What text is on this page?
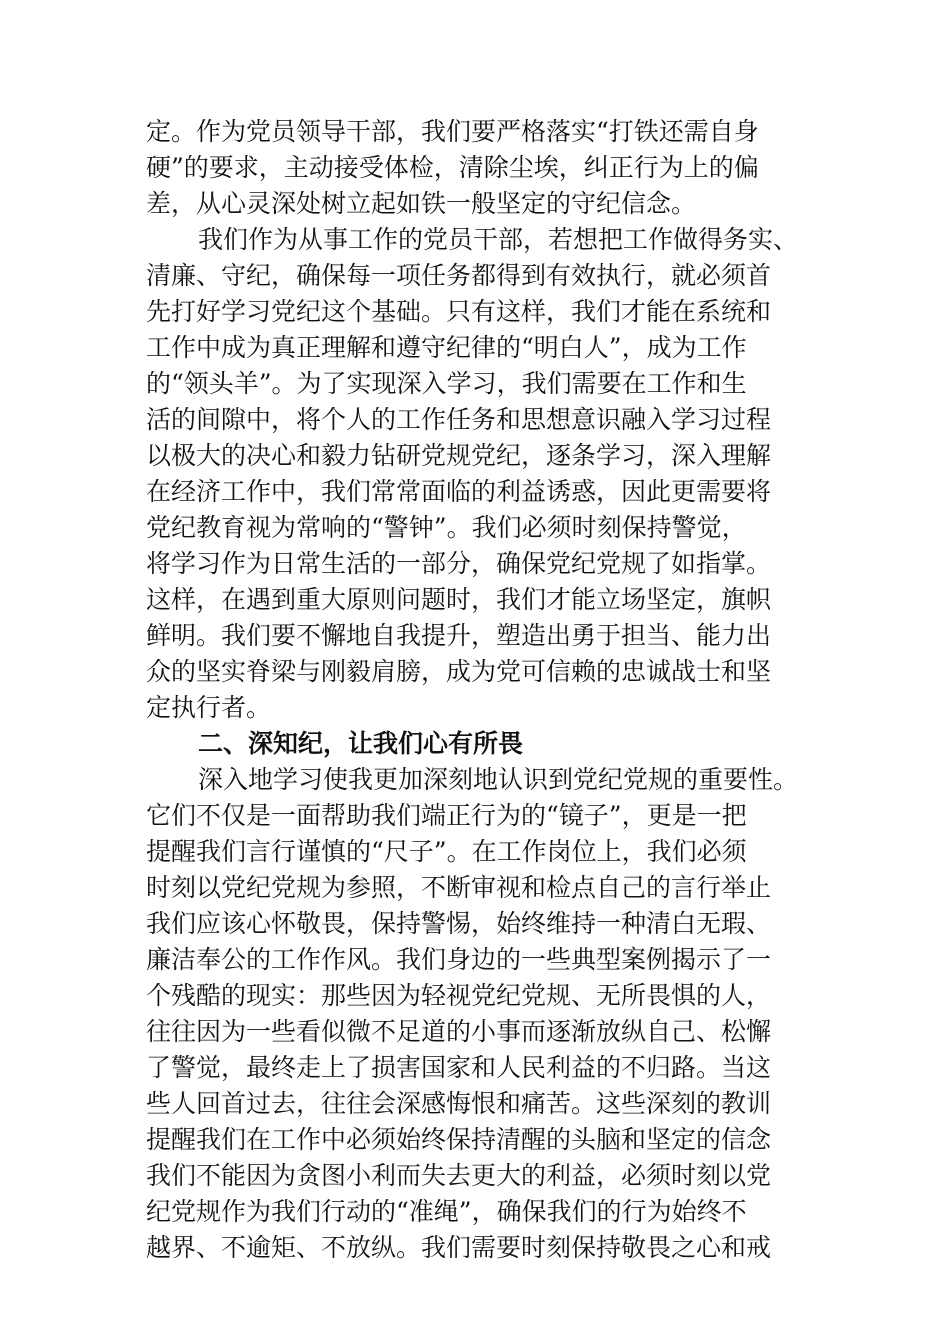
定。作为党员领导干部，我们要严格落实“打铁还需自身
硬”的要求，主动接受体检，清除尘埃，纠正行为上的偏
差，从心灵深处树立起如铁一般坚定的守纪信念。
我们作为从事工作的党员干部，若想把工作做得务实、
清廉、守纪，确保每一项任务都得到有效执行，就必须首
先打好学习党纪这个基础。只有这样，我们才能在系统和
工作中成为真正理解和遵守纪律的“明白人”，成为工作
的“领头羊”。为了实现深入学习，我们需要在工作和生
活的间隙中，将个人的工作任务和思想意识融入学习过程
以极大的决心和毅力钻研党规党纪，逐条学习，深入理解
在经济工作中，我们常常面临的利益诱惑，因此更需要将
党纪教育视为常响的“警钟”。我们必须时刻保持警觉，
将学习作为日常生活的一部分，确保党纪党规了如指掌。
这样，在遇到重大原则问题时，我们才能立场坚定，旗帜
鲜明。我们要不懈地自我提升，塑造出勇于担当、能力出
众的坚实脊梁与刚毅肩膀，成为党可信赖的忠诚战士和坚
定执行者。
二、深知纪，让我们心有所畏
深入地学习使我更加深刻地认识到党纪党规的重要性。
它们不仅是一面帮助我们端正行为的“镜子”，更是一把
提醒我们言行谨慎的“尺子”。在工作岗位上，我们必须
时刻以党纪党规为参照，不断审视和检点自己的言行举止
我们应该心怀敬畏，保持警惕，始终维持一种清白无瑕、
廉洁奉公的工作作风。我们身边的一些典型案例揭示了一
个残酷的现实：那些因为轻视党纪党规、无所畏惧的人，
往往因为一些看似微不足道的小事而逐渐放纵自己、松懈
了警觉，最终走上了损害国家和人民利益的不归路。当这
些人回首过去，往往会深感悔恨和痛苦。这些深刻的教训
提醒我们在工作中必须始终保持清醒的头脑和坚定的信念
我们不能因为贪图小利而失去更大的利益，必须时刻以党
纪党规作为我们行动的“准绳”，确保我们的行为始终不
越界、不逾矩、不放纵。我们需要时刻保持敬畏之心和戒
